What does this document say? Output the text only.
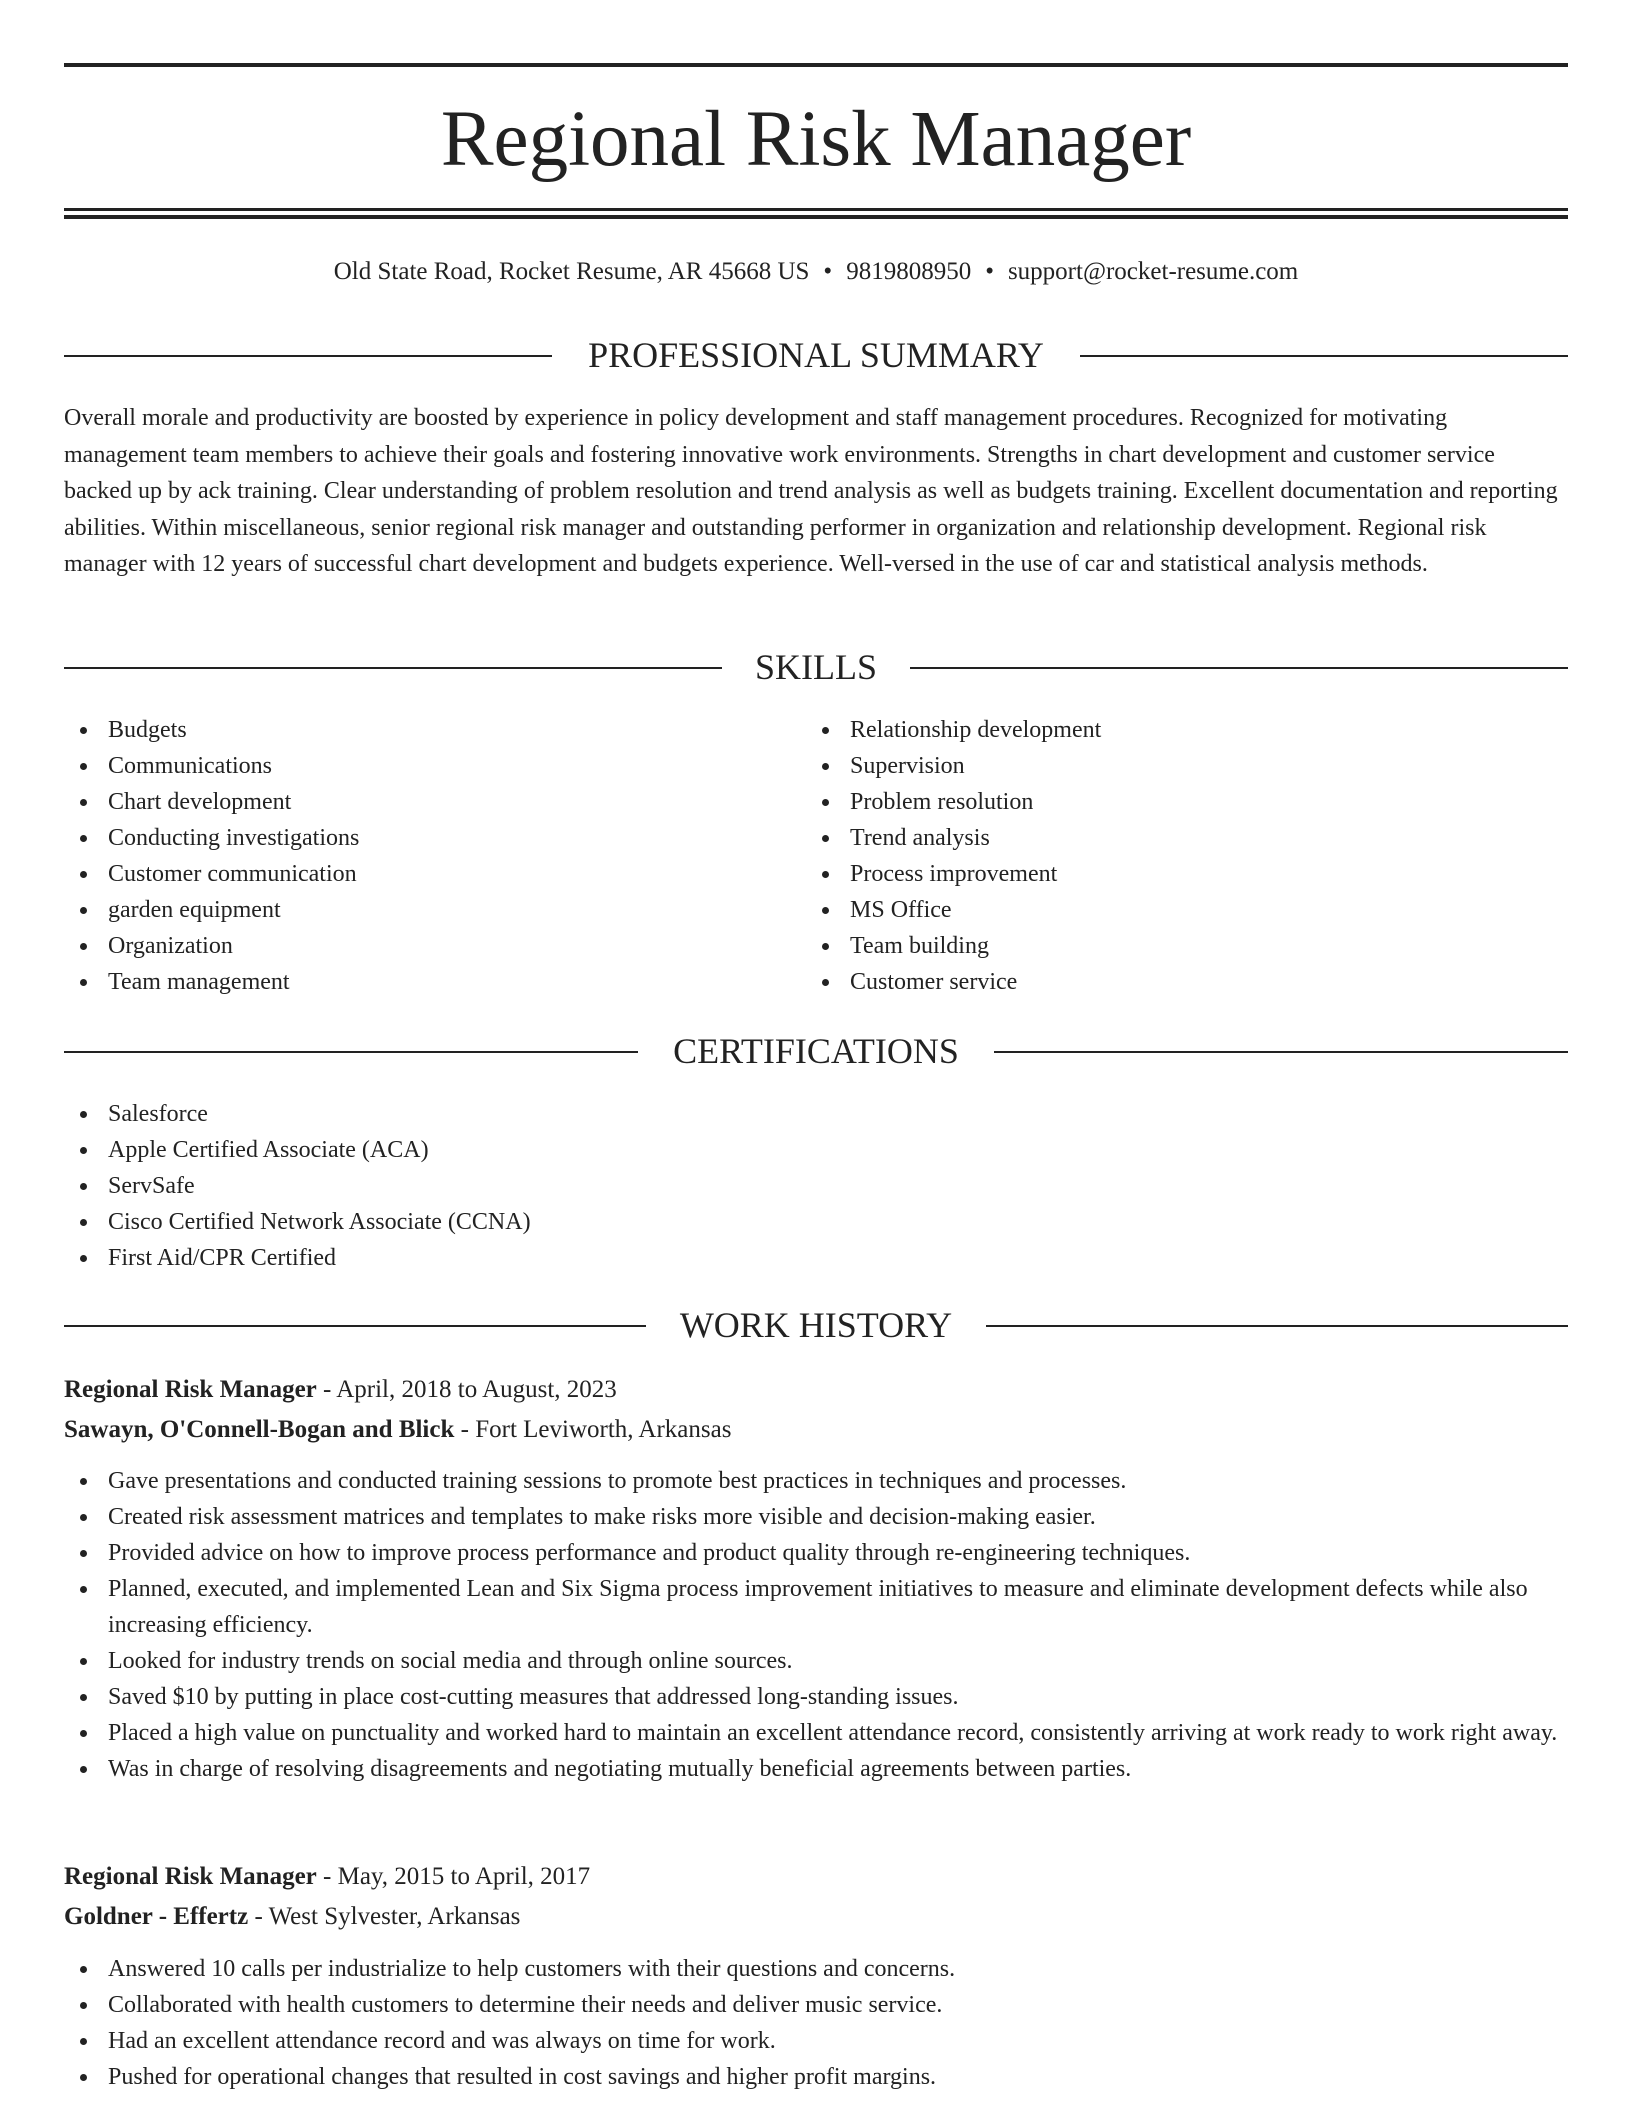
Regional Risk Manager
Old State Road, Rocket Resume, AR 45668 US • 9819808950 • support@rocket-resume.com
PROFESSIONAL SUMMARY

Overall morale and productivity are boosted by experience in policy development and staff management procedures. Recognized for motivating management team members to achieve their goals and fostering innovative work environments. Strengths in chart development and customer service backed up by ack training. Clear understanding of problem resolution and trend analysis as well as budgets training. Excellent documentation and reporting abilities. Within miscellaneous, senior regional risk manager and outstanding performer in organization and relationship development. Regional risk manager with 12 years of successful chart development and budgets experience. Well-versed in the use of car and statistical analysis methods.

SKILLS
Budgets
Communications
Chart development
Conducting investigations
Customer communication
garden equipment
Organization
Team management
Relationship development
Supervision
Problem resolution
Trend analysis
Process improvement
MS Office
Team building
Customer service
CERTIFICATIONS
Salesforce
Apple Certified Associate (ACA)
ServSafe
Cisco Certified Network Associate (CCNA)
First Aid/CPR Certified
WORK HISTORY
Regional Risk Manager - April, 2018 to August, 2023
Sawayn, O'Connell-Bogan and Blick - Fort Leviworth, Arkansas
Gave presentations and conducted training sessions to promote best practices in techniques and processes.
Created risk assessment matrices and templates to make risks more visible and decision-making easier.
Provided advice on how to improve process performance and product quality through re-engineering techniques.
Planned, executed, and implemented Lean and Six Sigma process improvement initiatives to measure and eliminate development defects while also increasing efficiency.
Looked for industry trends on social media and through online sources.
Saved $10 by putting in place cost-cutting measures that addressed long-standing issues.
Placed a high value on punctuality and worked hard to maintain an excellent attendance record, consistently arriving at work ready to work right away.
Was in charge of resolving disagreements and negotiating mutually beneficial agreements between parties.
Regional Risk Manager - May, 2015 to April, 2017
Goldner - Effertz - West Sylvester, Arkansas
Answered 10 calls per industrialize to help customers with their questions and concerns.
Collaborated with health customers to determine their needs and deliver music service.
Had an excellent attendance record and was always on time for work.
Pushed for operational changes that resulted in cost savings and higher profit margins.
